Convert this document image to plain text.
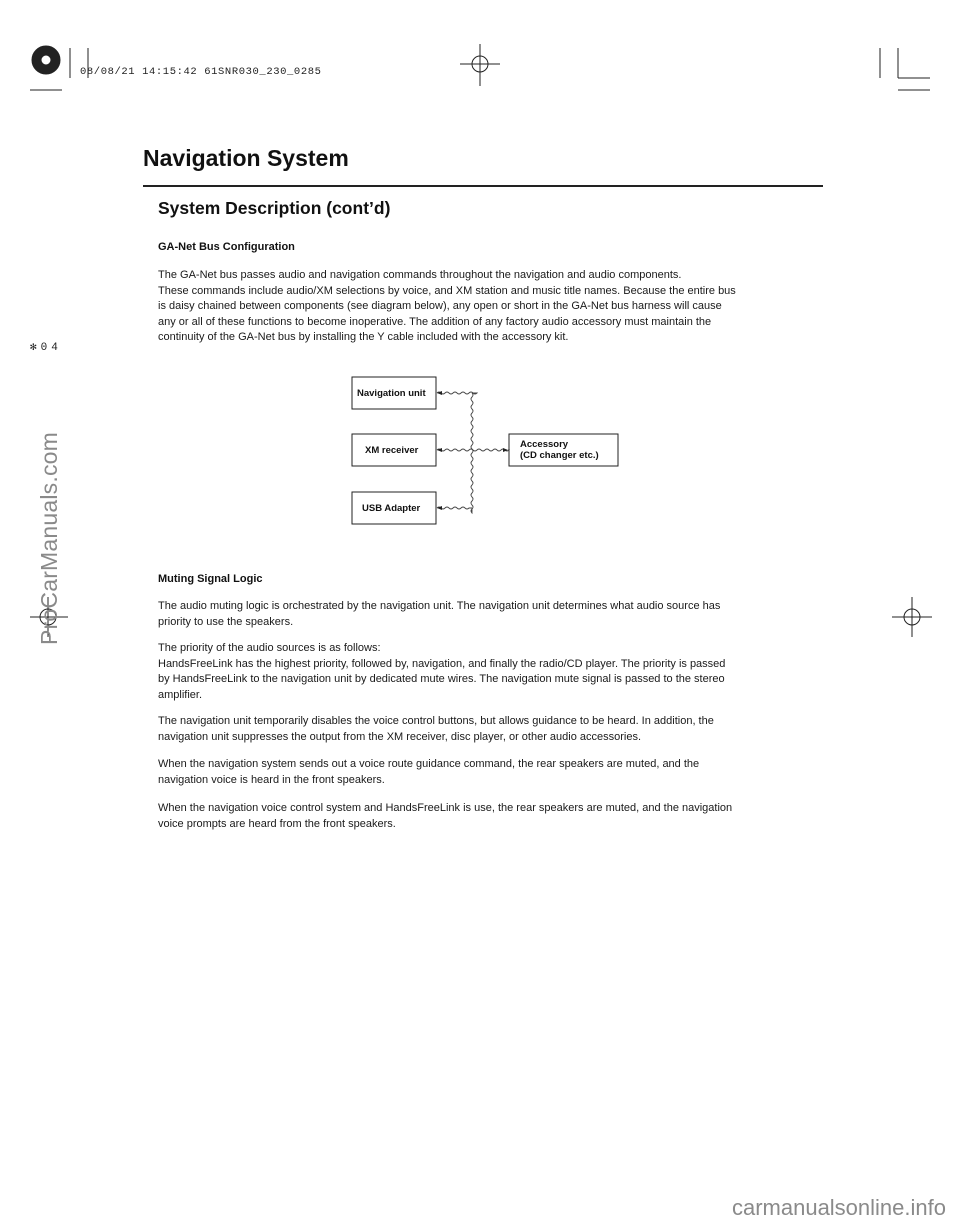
08/08/21 14:15:42 61SNR030_230_0285
✻04
ProCarManuals.com
Navigation System
System Description (cont’d)
GA-Net Bus Configuration

The GA-Net bus passes audio and navigation commands throughout the navigation and audio components.
These commands include audio/XM selections by voice, and XM station and music title names. Because the entire bus
is daisy chained between components (see diagram below), any open or short in the GA-Net bus harness will cause
any or all of these functions to become inoperative. The addition of any factory audio accessory must maintain the
continuity of the GA-Net bus by installing the Y cable included with the accessory kit.

Navigation unit
XM receiver
USB Adapter
Accessory
(CD changer etc.)
Muting Signal Logic

The audio muting logic is orchestrated by the navigation unit. The navigation unit determines what audio source has
priority to use the speakers.

The priority of the audio sources is as follows:
HandsFreeLink has the highest priority, followed by, navigation, and finally the radio/CD player. The priority is passed
by HandsFreeLink to the navigation unit by dedicated mute wires. The navigation mute signal is passed to the stereo
amplifier.

The navigation unit temporarily disables the voice control buttons, but allows guidance to be heard. In addition, the
navigation unit suppresses the output from the XM receiver, disc player, or other audio accessories.

When the navigation system sends out a voice route guidance command, the rear speakers are muted, and the
navigation voice is heard in the front speakers.

When the navigation voice control system and HandsFreeLink is use, the rear speakers are muted, and the navigation
voice prompts are heard from the front speakers.

carmanualsonline.info
